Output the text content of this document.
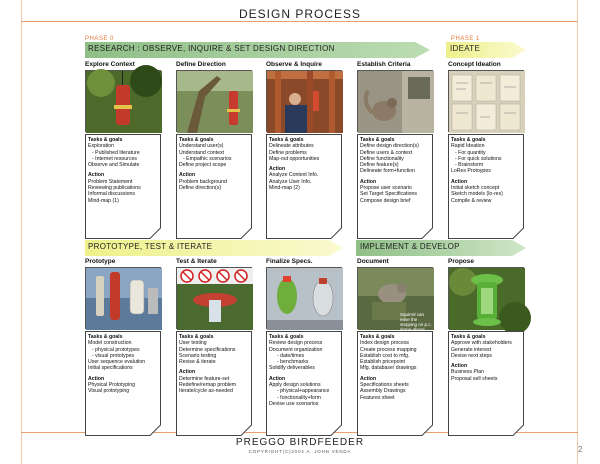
DESIGN PROCESS
PHASE 0	PHASE 1
RESEARCH : OBSERVE, INQUIRE & SET DESIGN DIRECTION	IDEATE
PROTOTYPE, TEST & ITERATE	IMPLEMENT & DEVELOP
Explore Context
Tasks & goals
Exploration
- Published literature
- Internet resources
Observe and Simulate
Action
Problem Statement
Reviewing publications
Informal discussions
Mind-map (1)
Define Direction
Tasks & goals
Understand user(s)
Understand context
- Empathic scenarios
Define project scope
Action
Problem background
Define direction(s)
Observe & Inquire
Tasks & goals
Delineate attributes
Define problems
Map-out opportunities
Action
Analyze Context Info.
Analyze User Info.
Mind-map (2)
Establish Criteria
Tasks & goals
Define design direction(s)
Define users & context
Define functionality
Define feature(s)
Delineate form+function
Action
Propose user scenario
Set Target Specifications
Compose design brief
Concept Ideation
Tasks & goals
Rapid Ideation
- For quantity
- For quick solutions
- Brainstorm
LoRes Protoypes
Action
Initial sketch concept
Sketch models (lo-res)
Compile & review
Prototype
Tasks & goals
Model construction
- physical prototypes
- visual prototypes
User sequence evalution
Initial specifications
Action
Physical Prototyping
Visual prototyping
Test & Iterate
Tasks & goals
User testing
Determine specifications
Scenario testing
Revise & iterate
Action
Determine feature-set
Redefine/remap problem
Iterate/cycle as-needed
Finalize Specs.
Tasks & goals
Review design process
Document organization
- date/times
- benchmarks
Solidify deliverables
Action
Apply design solutions
- physical+appearance
- functionality+form
Devise use scenarios
Document
Squirrel can ease the stepping on p.c. dome above
Tasks & goals
Index design process
Create process mapping
Establish cost to mfg.
Establish pricepoint
Mfg. database/ drawings
Action
Specifications sheets
Assembly Drawings
Features sheet
Propose
Tasks & goals
Approve with stakeholders
Generate interest
Devise next steps
Action
Business Plan
Proposal sell sheets
PREGGO BIRDFEEDER
COPYRIGHT(C)2004 A. JOHN VENDA	2
